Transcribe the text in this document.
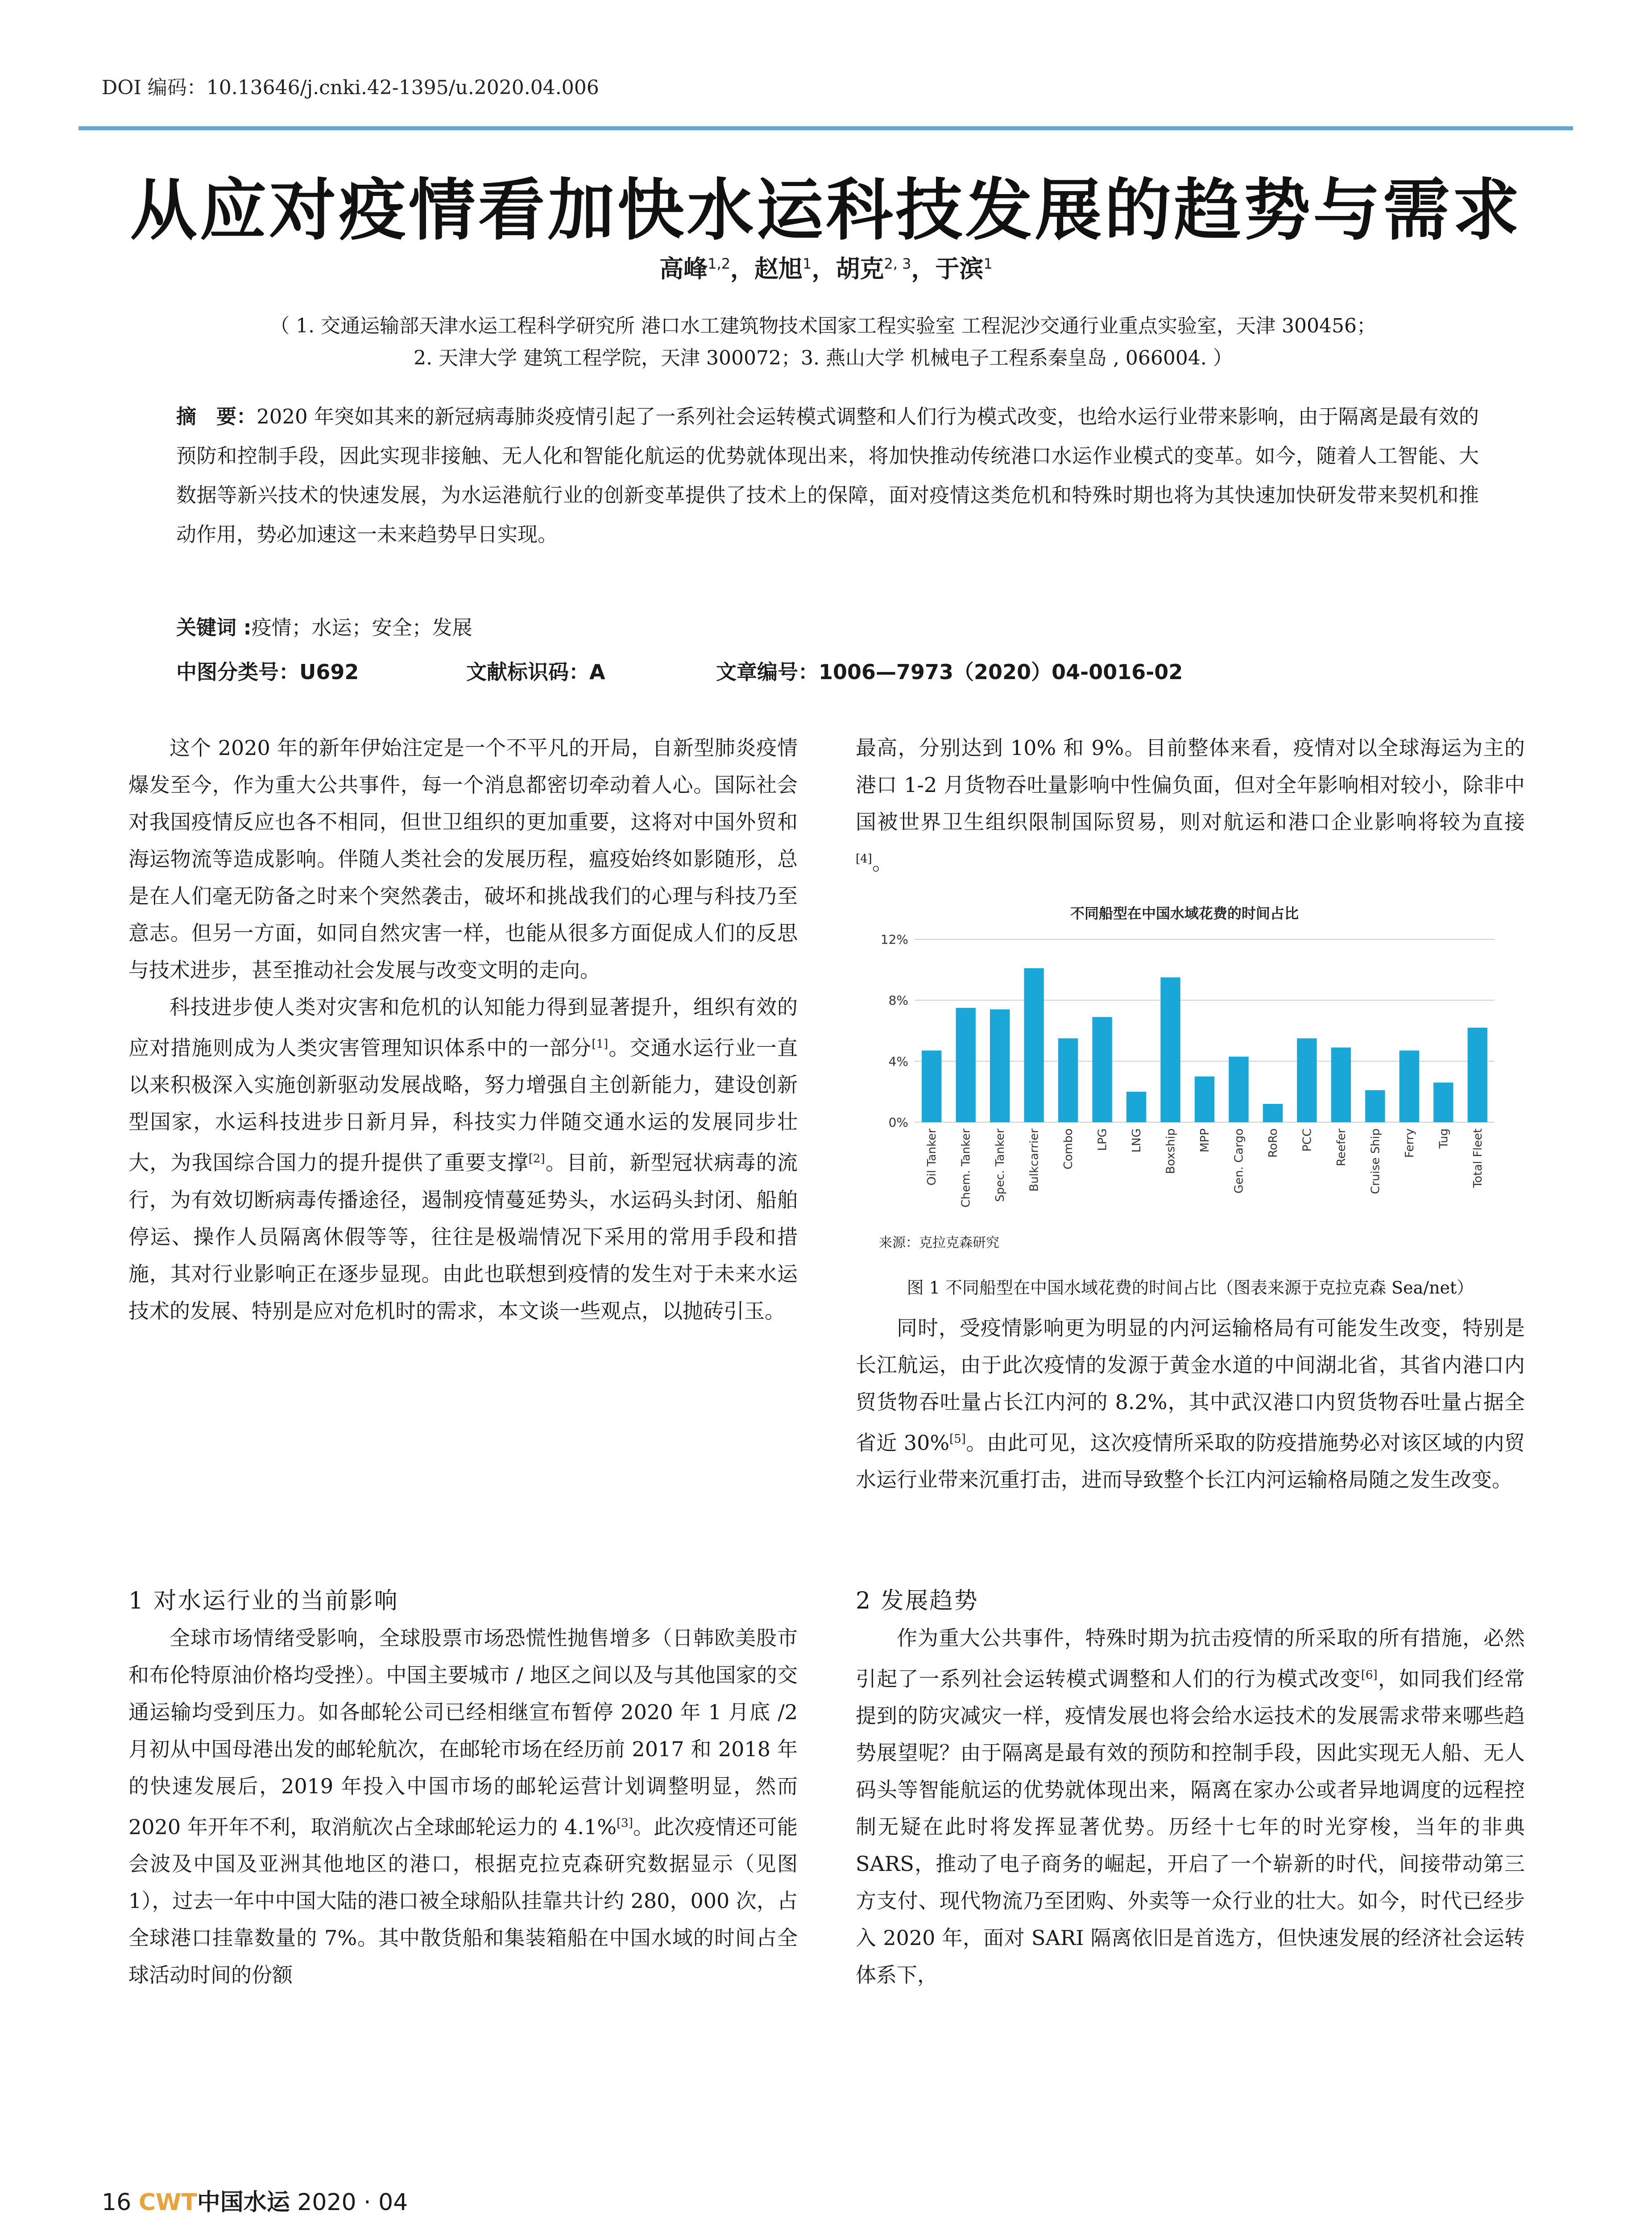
DOI 编码：10.13646/j.cnki.42-1395/u.2020.04.006
从应对疫情看加快水运科技发展的趋势与需求
高峰$^{1,2}$，赵旭$^1$，胡克$^{2, 3}$，于滨$^1$
（ 1. 交通运输部天津水运工程科学研究所 港口水工建筑物技术国家工程实验室 工程泥沙交通行业重点实验室，天津 300456；
2. 天津大学 建筑工程学院，天津 300072；3. 燕山大学 机械电子工程系秦皇岛 , 066004. ）
摘　要：2020 年突如其来的新冠病毒肺炎疫情引起了一系列社会运转模式调整和人们行为模式改变，也给水运行业带来影响，由于隔离是最有效的预防和控制手段，因此实现非接触、无人化和智能化航运的优势就体现出来，将加快推动传统港口水运作业模式的变革。如今，随着人工智能、大数据等新兴技术的快速发展，为水运港航行业的创新变革提供了技术上的保障，面对疫情这类危机和特殊时期也将为其快速加快研发带来契机和推动作用，势必加速这一未来趋势早日实现。
关键词 :疫情；水运；安全；发展
中图分类号：U692	文献标识码：A	文章编号：1006—7973（2020）04-0016-02

这个 2020 年的新年伊始注定是一个不平凡的开局，自新型肺炎疫情爆发至今，作为重大公共事件，每一个消息都密切牵动着人心。国际社会对我国疫情反应也各不相同，但世卫组织的更加重要，这将对中国外贸和海运物流等造成影响。伴随人类社会的发展历程，瘟疫始终如影随形，总是在人们毫无防备之时来个突然袭击，破坏和挑战我们的心理与科技乃至意志。但另一方面，如同自然灾害一样，也能从很多方面促成人们的反思与技术进步，甚至推动社会发展与改变文明的走向。

科技进步使人类对灾害和危机的认知能力得到显著提升，组织有效的应对措施则成为人类灾害管理知识体系中的一部分[1]。交通水运行业一直以来积极深入实施创新驱动发展战略，努力增强自主创新能力，建设创新型国家，水运科技进步日新月异，科技实力伴随交通水运的发展同步壮大，为我国综合国力的提升提供了重要支撑[2]。目前，新型冠状病毒的流行，为有效切断病毒传播途径，遏制疫情蔓延势头，水运码头封闭、船舶停运、操作人员隔离休假等等，往往是极端情况下采用的常用手段和措施，其对行业影响正在逐步显现。由此也联想到疫情的发生对于未来水运技术的发展、特别是应对危机时的需求，本文谈一些观点，以抛砖引玉。

1 对水运行业的当前影响

全球市场情绪受影响，全球股票市场恐慌性抛售增多（日韩欧美股市和布伦特原油价格均受挫）。中国主要城市 / 地区之间以及与其他国家的交通运输均受到压力。如各邮轮公司已经相继宣布暂停 2020 年 1 月底 /2 月初从中国母港出发的邮轮航次，在邮轮市场在经历前 2017 和 2018 年的快速发展后，2019 年投入中国市场的邮轮运营计划调整明显，然而 2020 年开年不利，取消航次占全球邮轮运力的 4.1%[3]。此次疫情还可能会波及中国及亚洲其他地区的港口，根据克拉克森研究数据显示（见图 1），过去一年中中国大陆的港口被全球船队挂靠共计约 280，000 次，占全球港口挂靠数量的 7%。其中散货船和集装箱船在中国水域的时间占全球活动时间的份额

最高，分别达到 10% 和 9%。目前整体来看，疫情对以全球海运为主的港口 1-2 月货物吞吐量影响中性偏负面，但对全年影响相对较小，除非中国被世界卫生组织限制国际贸易，则对航运和港口企业影响将较为直接[4]。

不同船型在中国水域花费的时间占比
0%
4%
8%
12%
Oil Tanker Chem. Tanker Spec. Tanker Bulkcarrier Combo LPG LNG Boxship MPP Gen. Cargo RoRo PCC Reefer Cruise Ship Ferry Tug Total Fleet
来源：克拉克森研究
图 1 不同船型在中国水域花费的时间占比（图表来源于克拉克森 Sea/net）

同时，受疫情影响更为明显的内河运输格局有可能发生改变，特别是长江航运，由于此次疫情的发源于黄金水道的中间湖北省，其省内港口内贸货物吞吐量占长江内河的 8.2%，其中武汉港口内贸货物吞吐量占据全省近 30%[5]。由此可见，这次疫情所采取的防疫措施势必对该区域的内贸水运行业带来沉重打击，进而导致整个长江内河运输格局随之发生改变。

2 发展趋势

作为重大公共事件，特殊时期为抗击疫情的所采取的所有措施，必然引起了一系列社会运转模式调整和人们的行为模式改变[6]，如同我们经常提到的防灾减灾一样，疫情发展也将会给水运技术的发展需求带来哪些趋势展望呢？由于隔离是最有效的预防和控制手段，因此实现无人船、无人码头等智能航运的优势就体现出来，隔离在家办公或者异地调度的远程控制无疑在此时将发挥显著优势。历经十七年的时光穿梭，当年的非典 SARS，推动了电子商务的崛起，开启了一个崭新的时代，间接带动第三方支付、现代物流乃至团购、外卖等一众行业的壮大。如今，时代已经步入 2020 年，面对 SARI 隔离依旧是首选方，但快速发展的经济社会运转体系下，

16 CWT中国水运 2020 · 04
